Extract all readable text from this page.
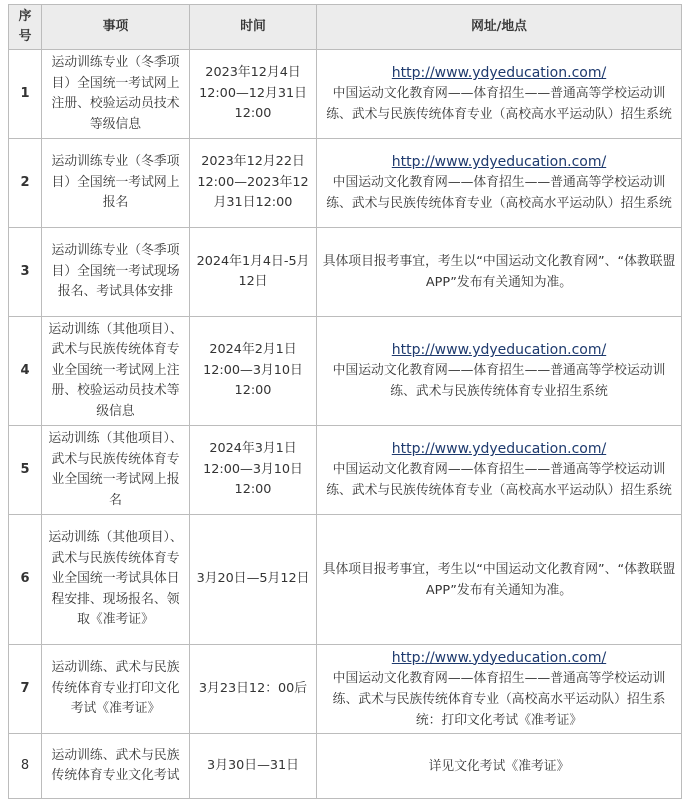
序号	事项	时间	网址/地点
1	运动训练专业（冬季项目）全国统一考试网上注册、校验运动员技术等级信息	2023年12月4日12:00—12月31日12:00	http://www.ydyeducation.com/
中国运动文化教育网——体育招生——普通高等学校运动训练、武术与民族传统体育专业（高校高水平运动队）招生系统

2	运动训练专业（冬季项目）全国统一考试网上报名	2023年12月22日12:00—2023年12月31日12:00	http://www.ydyeducation.com/
中国运动文化教育网——体育招生——普通高等学校运动训练、武术与民族传统体育专业（高校高水平运动队）招生系统

3	运动训练专业（冬季项目）全国统一考试现场报名、考试具体安排	2024年1月4日-5月12日	具体项目报考事宜，考生以“中国运动文化教育网”、“体教联盟APP”发布有关通知为准。

4	运动训练（其他项目）、武术与民族传统体育专业全国统一考试网上注册、校验运动员技术等级信息	2024年2月1日12:00—3月10日12:00	http://www.ydyeducation.com/
中国运动文化教育网——体育招生——普通高等学校运动训练、武术与民族传统体育专业招生系统

5	运动训练（其他项目）、武术与民族传统体育专业全国统一考试网上报名	2024年3月1日12:00—3月10日12:00	http://www.ydyeducation.com/
中国运动文化教育网——体育招生——普通高等学校运动训练、武术与民族传统体育专业（高校高水平运动队）招生系统

6	运动训练（其他项目）、武术与民族传统体育专业全国统一考试具体日程安排、现场报名、领取《准考证》	3月20日—5月12日	具体项目报考事宜，考生以“中国运动文化教育网”、“体教联盟APP”发布有关通知为准。

7	运动训练、武术与民族传统体育专业打印文化考试《准考证》	3月23日12：00后	http://www.ydyeducation.com/
中国运动文化教育网——体育招生——普通高等学校运动训练、武术与民族传统体育专业（高校高水平运动队）招生系统：打印文化考试《准考证》

8	运动训练、武术与民族传统体育专业文化考试	3月30日—31日	详见文化考试《准考证》
